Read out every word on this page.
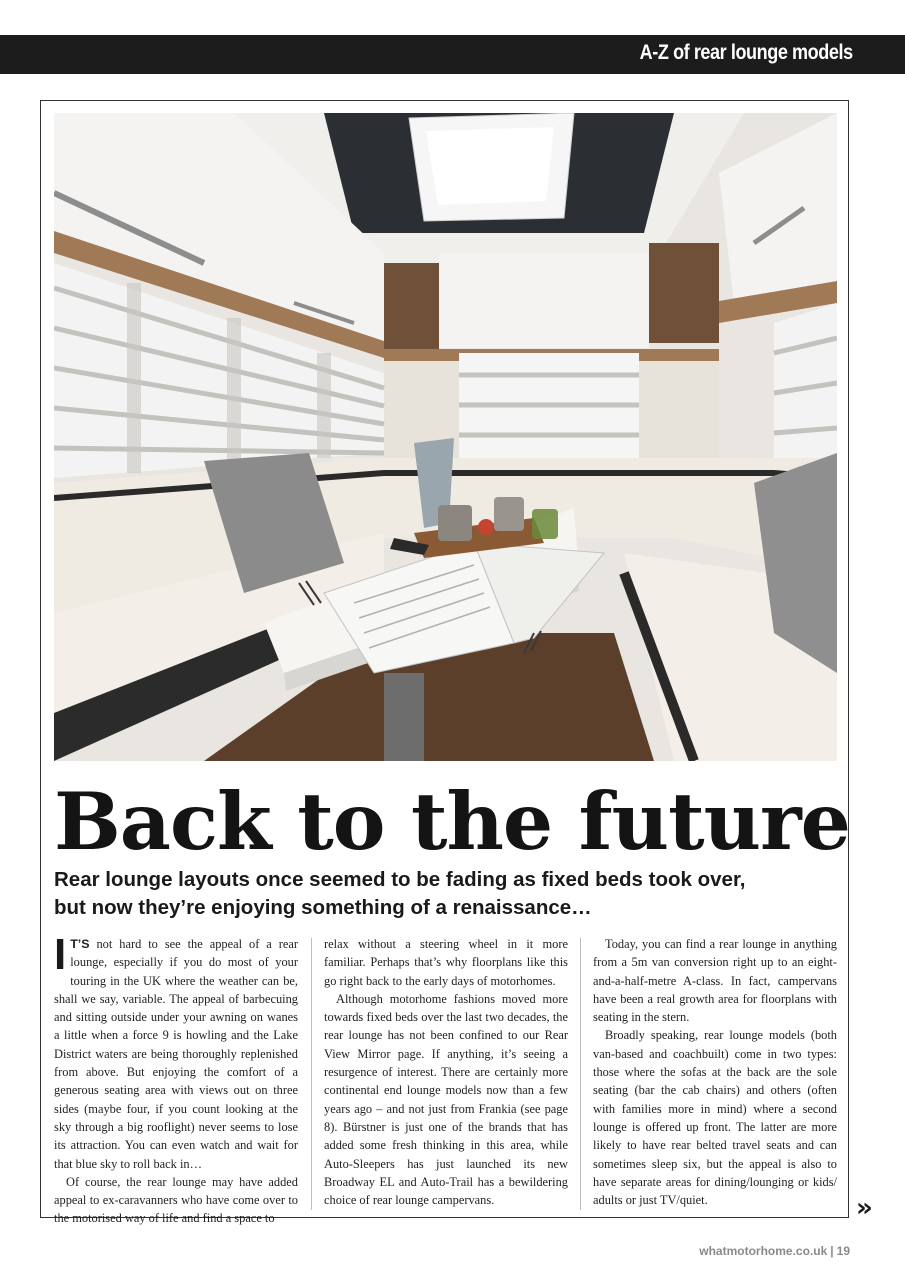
A-Z of rear lounge models
Back to the future
Rear lounge layouts once seemed to be fading as fixed beds took over, but now they’re enjoying something of a renaissance…

I T’S not hard to see the appeal of a rear lounge, especially if you do most of your touring in the UK where the weather can be, shall we say, variable. The appeal of barbecuing and sitting outside under your awning on wanes a little when a force 9 is howling and the Lake District waters are being thoroughly replenished from above. But enjoying the comfort of a generous seating area with views out on three sides (maybe four, if you count looking at the sky through a big rooflight) never seems to lose its attraction. You can even watch and wait for that blue sky to roll back in…

Of course, the rear lounge may have added appeal to ex-caravanners who have come over to the motorised way of life and find a space to

relax without a steering wheel in it more familiar. Perhaps that’s why floorplans like this go right back to the early days of motorhomes.

Although motorhome fashions moved more towards fixed beds over the last two decades, the rear lounge has not been confined to our Rear View Mirror page. If anything, it’s seeing a resurgence of interest. There are certainly more continental end lounge models now than a few years ago – and not just from Frankia (see page 8). Bürstner is just one of the brands that has added some fresh thinking in this area, while Auto-Sleepers has just launched its new Broadway EL and Auto-Trail has a bewildering choice of rear lounge campervans.

Today, you can find a rear lounge in anything from a 5m van conversion right up to an eight-and-a-half-metre A-class. In fact, campervans have been a real growth area for floorplans with seating in the stern.

Broadly speaking, rear lounge models (both van-based and coachbuilt) come in two types: those where the sofas at the back are the sole seating (bar the cab chairs) and others (often with families more in mind) where a second lounge is offered up front. The latter are more likely to have rear belted travel seats and can sometimes sleep six, but the appeal is also to have separate areas for dining/lounging or kids/ adults or just TV/quiet.	»
whatmotorhome.co.uk | 19
